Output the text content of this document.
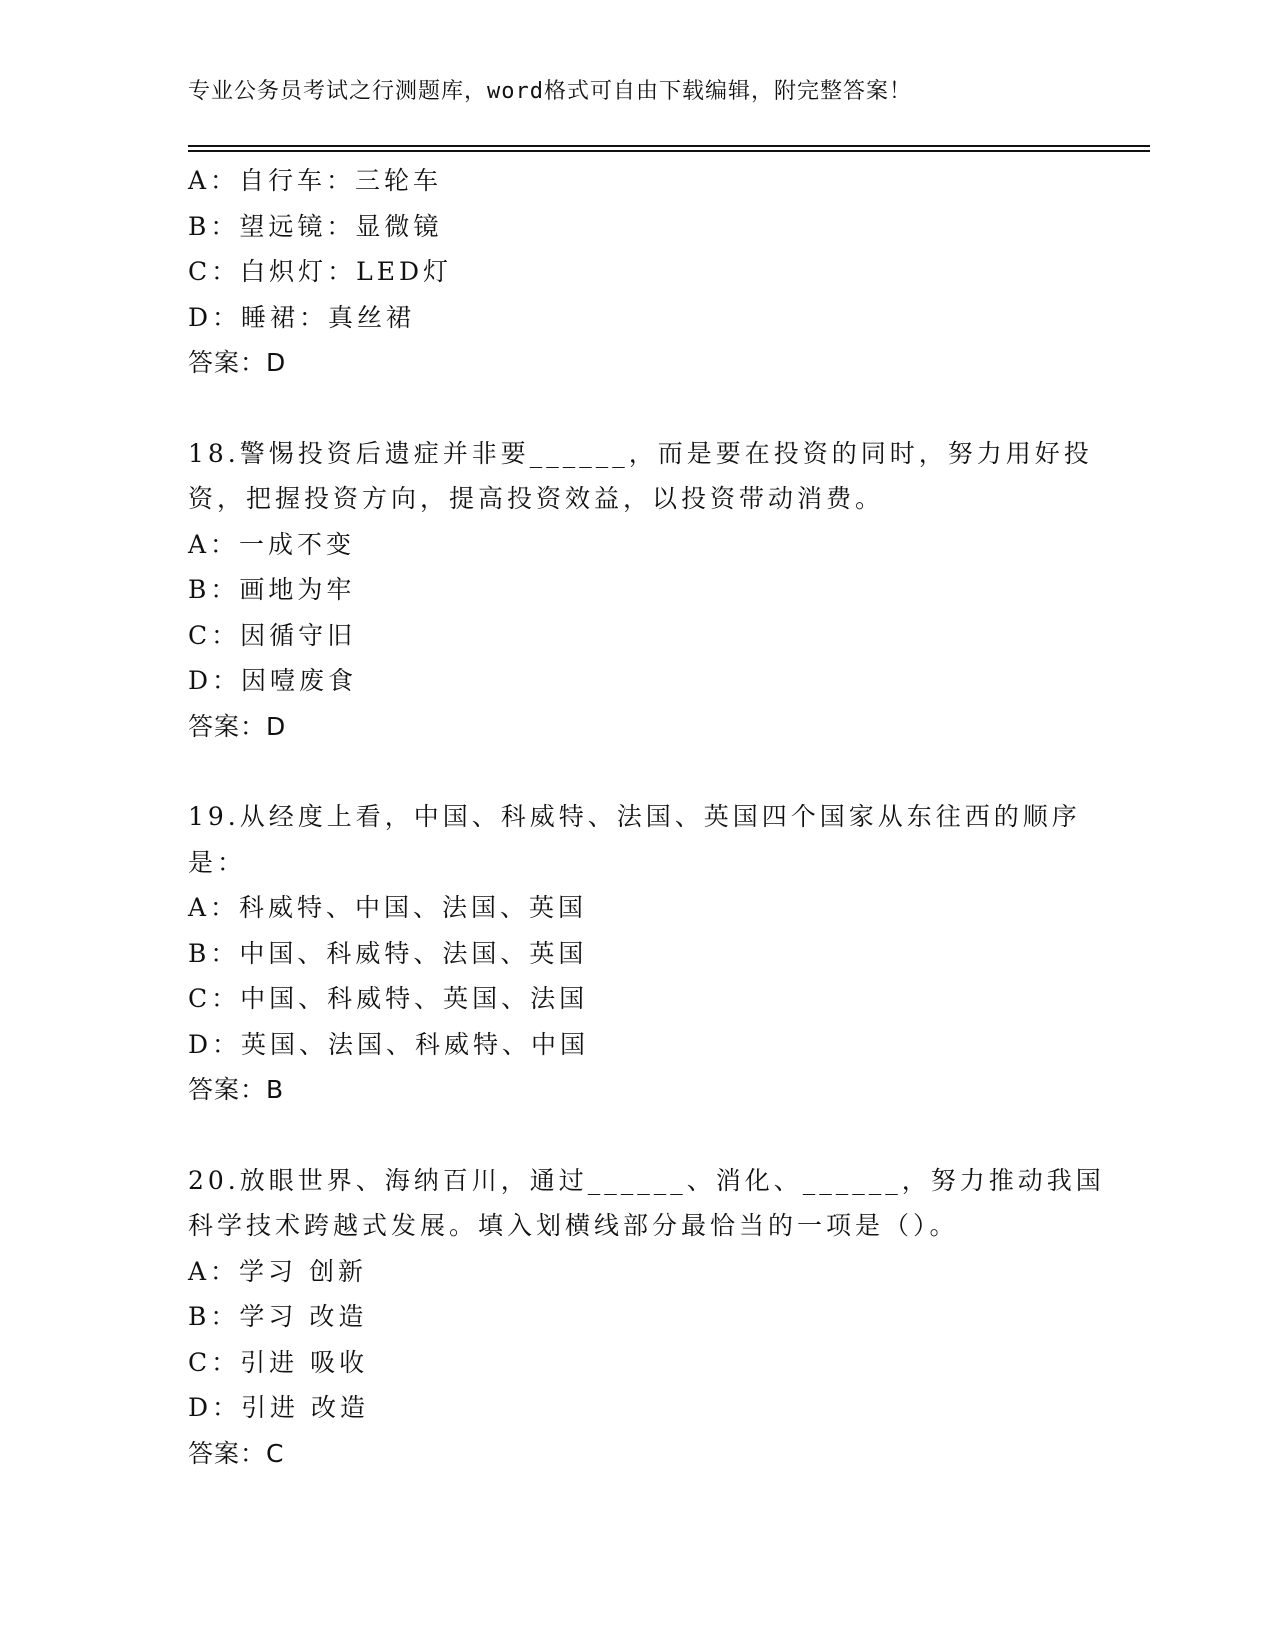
专业公务员考试之行测题库，word格式可自由下载编辑，附完整答案！
A：自行车：三轮车
B：望远镜：显微镜
C：白炽灯：LED灯
D：睡裙：真丝裙
答案：D
18.警惕投资后遗症并非要______，而是要在投资的同时，努力用好投
资，把握投资方向，提高投资效益，以投资带动消费。
A：一成不变
B：画地为牢
C：因循守旧
D：因噎废食
答案：D
19.从经度上看，中国、科威特、法国、英国四个国家从东往西的顺序
是：
A：科威特、中国、法国、英国
B：中国、科威特、法国、英国
C：中国、科威特、英国、法国
D：英国、法国、科威特、中国
答案：B
20.放眼世界、海纳百川，通过______、消化、______，努力推动我国
科学技术跨越式发展。填入划横线部分最恰当的一项是（）。
A：学习 创新
B：学习 改造
C：引进 吸收
D：引进 改造
答案：C
